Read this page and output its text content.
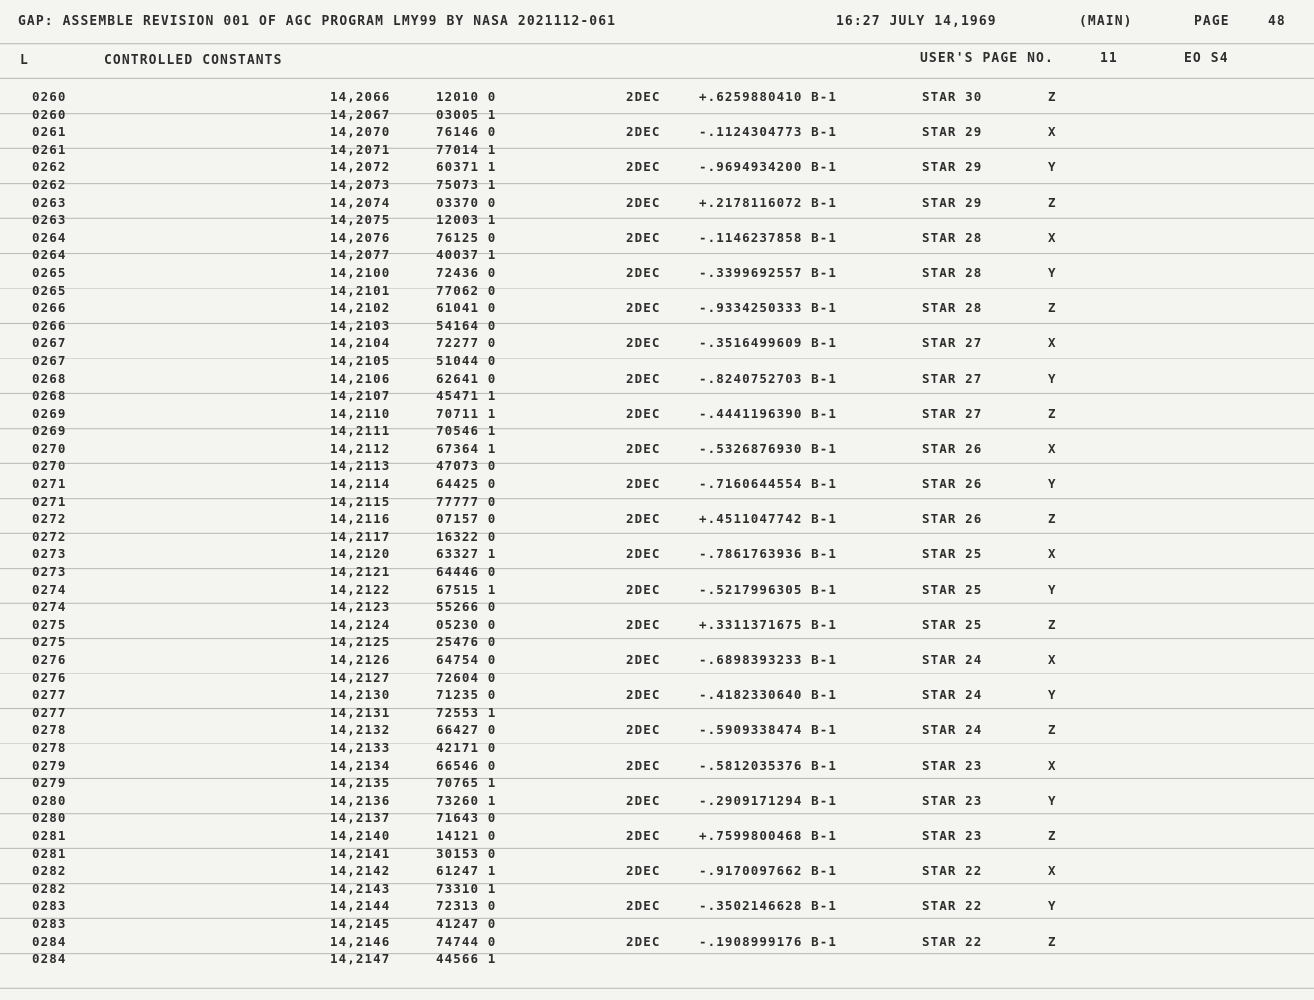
GAP: ASSEMBLE REVISION 001 OF AGC PROGRAM LMY99 BY NASA 2021112-061	16:27 JULY 14,1969	(MAIN)	PAGE	48
L	CONTROLLED CONSTANTS	USER'S PAGE NO.	11	EO S4
0260	14,2066	12010 0	2DEC	+.6259880410 B-1	STAR 30	Z
0260	14,2067	03005 1
0261	14,2070	76146 0	2DEC	-.1124304773 B-1	STAR 29	X
0261	14,2071	77014 1
0262	14,2072	60371 1	2DEC	-.9694934200 B-1	STAR 29	Y
0262	14,2073	75073 1
0263	14,2074	03370 0	2DEC	+.2178116072 B-1	STAR 29	Z
0263	14,2075	12003 1
0264	14,2076	76125 0	2DEC	-.1146237858 B-1	STAR 28	X
0264	14,2077	40037 1
0265	14,2100	72436 0	2DEC	-.3399692557 B-1	STAR 28	Y
0265	14,2101	77062 0
0266	14,2102	61041 0	2DEC	-.9334250333 B-1	STAR 28	Z
0266	14,2103	54164 0
0267	14,2104	72277 0	2DEC	-.3516499609 B-1	STAR 27	X
0267	14,2105	51044 0
0268	14,2106	62641 0	2DEC	-.8240752703 B-1	STAR 27	Y
0268	14,2107	45471 1
0269	14,2110	70711 1	2DEC	-.4441196390 B-1	STAR 27	Z
0269	14,2111	70546 1
0270	14,2112	67364 1	2DEC	-.5326876930 B-1	STAR 26	X
0270	14,2113	47073 0
0271	14,2114	64425 0	2DEC	-.7160644554 B-1	STAR 26	Y
0271	14,2115	77777 0
0272	14,2116	07157 0	2DEC	+.4511047742 B-1	STAR 26	Z
0272	14,2117	16322 0
0273	14,2120	63327 1	2DEC	-.7861763936 B-1	STAR 25	X
0273	14,2121	64446 0
0274	14,2122	67515 1	2DEC	-.5217996305 B-1	STAR 25	Y
0274	14,2123	55266 0
0275	14,2124	05230 0	2DEC	+.3311371675 B-1	STAR 25	Z
0275	14,2125	25476 0
0276	14,2126	64754 0	2DEC	-.6898393233 B-1	STAR 24	X
0276	14,2127	72604 0
0277	14,2130	71235 0	2DEC	-.4182330640 B-1	STAR 24	Y
0277	14,2131	72553 1
0278	14,2132	66427 0	2DEC	-.5909338474 B-1	STAR 24	Z
0278	14,2133	42171 0
0279	14,2134	66546 0	2DEC	-.5812035376 B-1	STAR 23	X
0279	14,2135	70765 1
0280	14,2136	73260 1	2DEC	-.2909171294 B-1	STAR 23	Y
0280	14,2137	71643 0
0281	14,2140	14121 0	2DEC	+.7599800468 B-1	STAR 23	Z
0281	14,2141	30153 0
0282	14,2142	61247 1	2DEC	-.9170097662 B-1	STAR 22	X
0282	14,2143	73310 1
0283	14,2144	72313 0	2DEC	-.3502146628 B-1	STAR 22	Y
0283	14,2145	41247 0
0284	14,2146	74744 0	2DEC	-.1908999176 B-1	STAR 22	Z
0284	14,2147	44566 1
